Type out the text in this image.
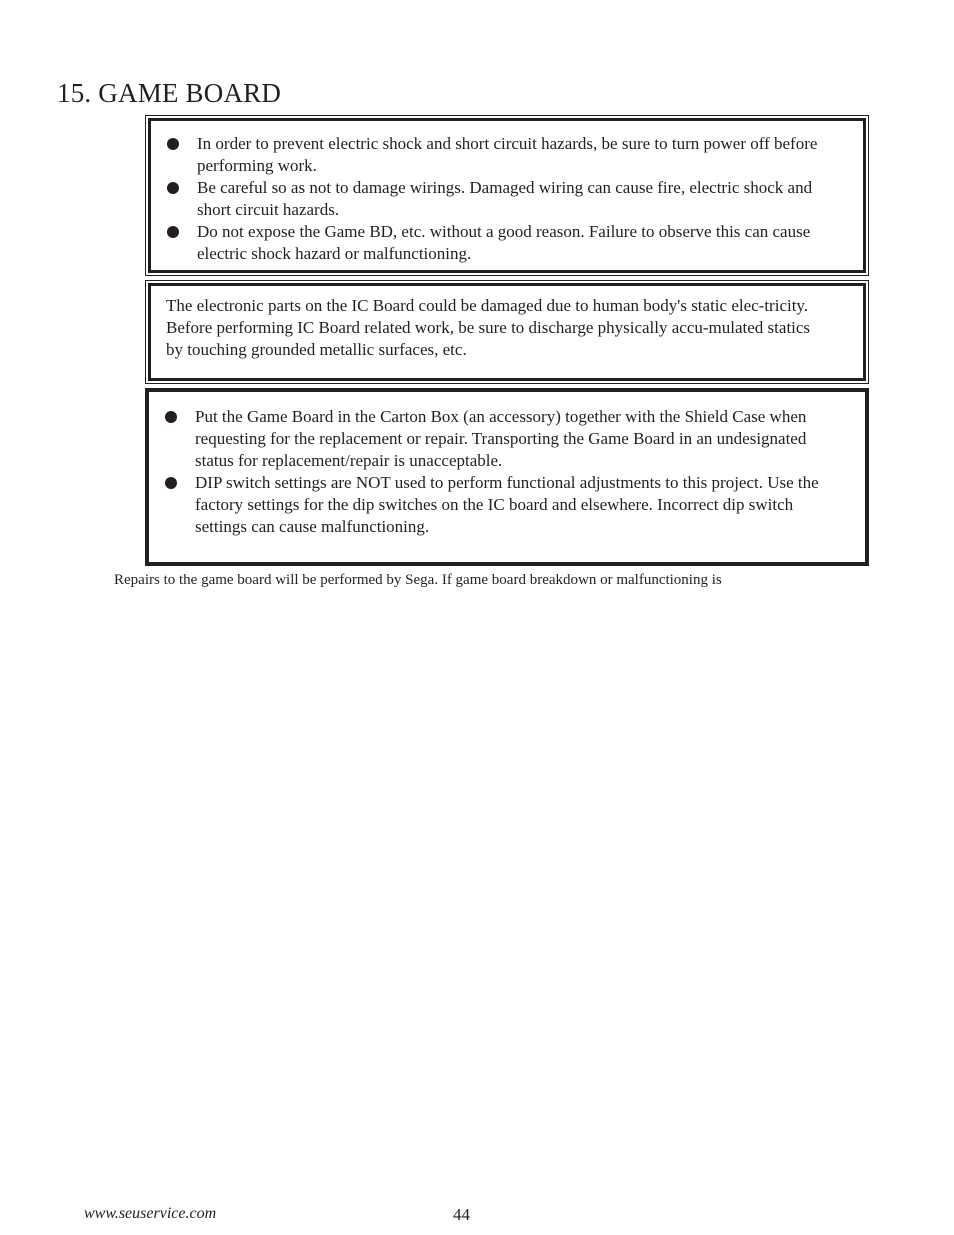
15. GAME BOARD
In order to prevent electric shock and short circuit hazards, be sure to turn power off before performing work.
Be careful so as not to damage wirings. Damaged wiring can cause fire, electric shock and short circuit hazards.
Do not expose the Game BD, etc. without a good reason. Failure to observe this can cause electric shock hazard or malfunctioning.

The electronic parts on the IC Board could be damaged due to human body's static elec-tricity. Before performing IC Board related work, be sure to discharge physically accu-mulated statics by touching grounded metallic surfaces, etc.

Put the Game Board in the Carton Box (an accessory) together with the Shield Case when requesting for the replacement or repair. Transporting the Game Board in an undesignated status for replacement/repair is unacceptable.
DIP switch settings are NOT used to perform functional adjustments to this project. Use the factory settings for the dip switches on the IC board and elsewhere. Incorrect dip switch settings can cause malfunctioning.

Repairs to the game board will be performed by Sega. If game board breakdown or malfunctioning is

www.seuservice.com	44
